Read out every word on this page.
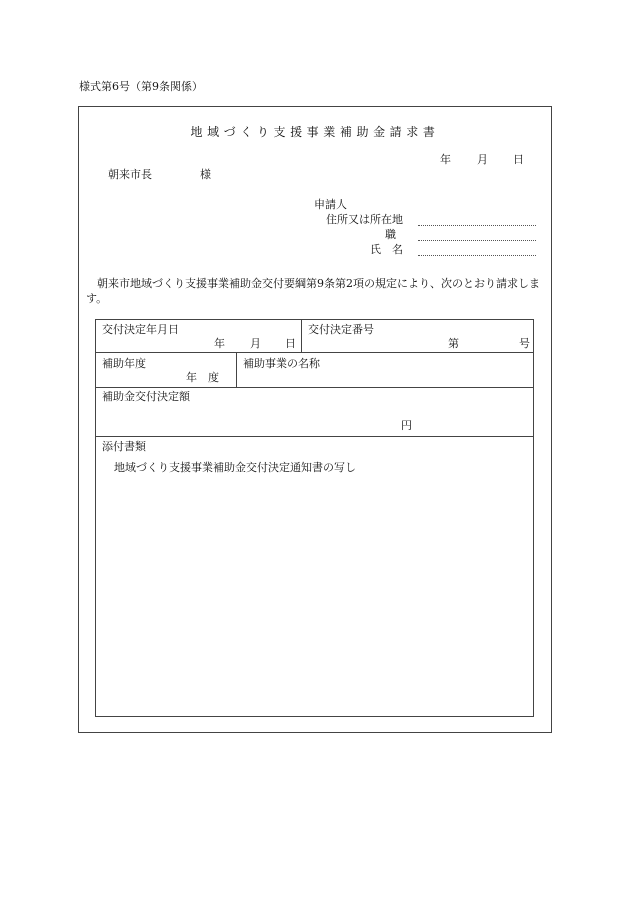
様式第6号（第9条関係）
地域づくり支援事業補助金請求書
年 月 日
朝来市長	様
申請人
住所又は所在地
職
氏　名
朝来市地域づくり支援事業補助金交付要綱第9条第2項の規定により、次のとおり請求します。
交付決定年月日
年 月 日
交付決定番号
第	号
補助年度
年　度
補助事業の名称
補助金交付決定額
円
添付書類
地域づくり支援事業補助金交付決定通知書の写し
